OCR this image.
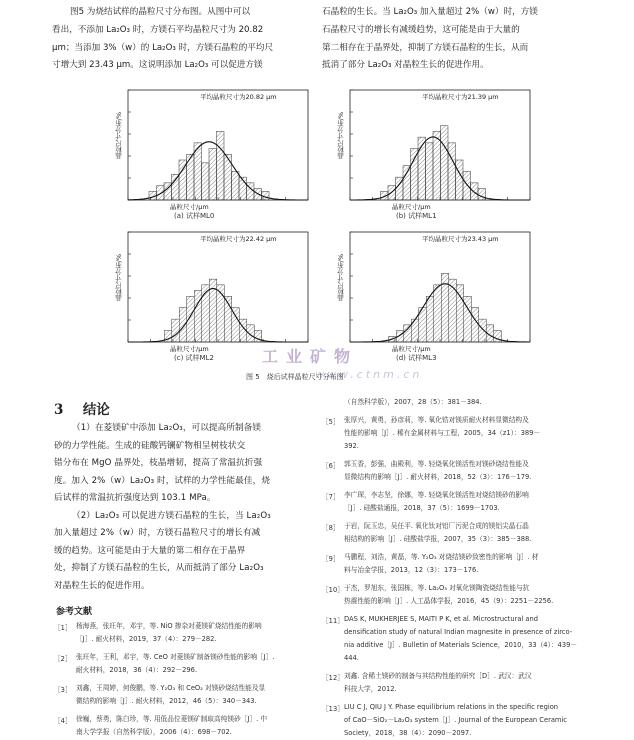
图5 为烧结试样的晶粒尺寸分布图。从图中可以
看出，不添加 La₂O₃ 时，方镁石平均晶粒尺寸为 20.82
μm；当添加 3%（w）的 La₂O₃ 时，方镁石晶粒的平均尺
寸增大到 23.43 μm。这说明添加 La₂O₃ 可以促进方镁
石晶粒的生长。当 La₂O₃ 加入量超过 2%（w）时，方镁
石晶粒尺寸的增长有减缓趋势，这可能是由于大量的
第二相存在于晶界处，抑制了方镁石晶粒的生长，从而
抵消了部分 La₂O₃ 对晶粒生长的促进作用。
平均晶粒尺寸为20.82 μm
晶粒尺寸分布/%
晶粒尺寸/μm
(a) 试样ML0
平均晶粒尺寸为21.39 μm
晶粒尺寸分布/%
晶粒尺寸/μm
(b) 试样ML1
平均晶粒尺寸为22.42 μm
晶粒尺寸分布/%
晶粒尺寸/μm
(c) 试样ML2
平均晶粒尺寸为23.43 μm
晶粒尺寸分布/%
晶粒尺寸/μm
(d) 试样ML3
工业矿物
www.ctnm.cn
图 5　烧后试样晶粒尺寸分布图
3 结论
（1）在菱镁矿中添加 La₂O₃，可以提高所制备镁
砂的力学性能。生成的硅酸钙镧矿物相呈树枝状交
错分布在 MgO 晶界处，枝晶增韧，提高了常温抗折强
度。加入 2%（w）La₂O₃ 时，试样的力学性能最佳，烧
后试样的常温抗折强度达到 103.1 MPa。
（2）La₂O₃ 可以促进方镁石晶粒的生长，当 La₂O₃
加入量超过 2%（w）时，方镁石晶粒尺寸的增长有减
缓的趋势。这可能是由于大量的第二相存在于晶界
处，抑制了方镁石晶粒的生长，从而抵消了部分 La₂O₃
对晶粒生长的促进作用。
参考文献
［1］ 杨海燕，张玨年，邓宇，等. NiO 掺杂对菱镁矿烧结性能的影响
［J］. 耐火材料，2019，37（4）：279－282.
［2］ 张玨年，王利，邓宇，等. CeO 对菱镁矿制备镁砂性能的影响［J］.
耐火材料，2018，36（4）：292－296.
［3］ 刘鑫，王周婷，何俊鹏，等. Y₂O₃ 和 CeO₂ 对镁砂烧结性能及显
微结构的影响［J］. 耐火材料，2012，46（5）：340－343.
［4］ 徐巍，蔡勇，陈白珍，等. 用低品位菱镁矿制取高纯镁砂［J］. 中
南大学学报（自然科学版），2006（4）：698－702.
（自然科学版），2007，28（5）：381－384.
［5］ 张厚兴，黄勇，孙彦莉，等. 氧化锆对镁质耐火材料显微结构及
性能的影响［J］. 稀有金属材料与工程，2005，34（z1）：389－
392.
［6］ 郭玉香，彭强，曲殿利，等. 轻烧氧化镁活性对镁砂烧结性能及
显微结构的影响［J］. 耐火材料，2018，52（3）：176－179.
［7］ 李广琛，李志坚，徐娜，等. 轻烧氧化镁活性对烧结镁砂的影响
［J］. 硅酸盐通报，2018，37（5）：1699－1703.
［8］ 于岩，阮玉忠，吴任平. 氧化钛对铝厂污泥合成的镁铝尖晶石晶
相结构的影响［J］. 硅酸盐学报，2007，35（3）：385－388.
［9］ 马鹏程，刘浩，黄磊，等. Y₂O₃ 对烧结镁砂致密性的影响［J］. 材
料与冶金学报，2013，12（3）：173－176.
［10］ 于杰，罗旭东，张国栋，等. La₂O₃ 对氧化镁陶瓷烧结性能与抗
热震性能的影响［J］. 人工晶体学报，2016，45（9）：2251－2256.
［11］ DAS K, MUKHERJEE S, MAITI P K, et al. Microstructural and
densification study of natural Indian magnesite in presence of zirco-
nia additive［J］. Bulletin of Materials Science，2010，33（4）：439－
444.
［12］ 刘鑫. 含稀土镁砂的制备与其结构性能的研究［D］. 武汉：武汉
科技大学，2012.
［13］ LIU C J, QIU J Y. Phase equilibrium relations in the specific region
of CaO－SiO₂－La₂O₃ system［J］. Journal of the European Ceramic
Society，2018，38（4）：2090－2097.
